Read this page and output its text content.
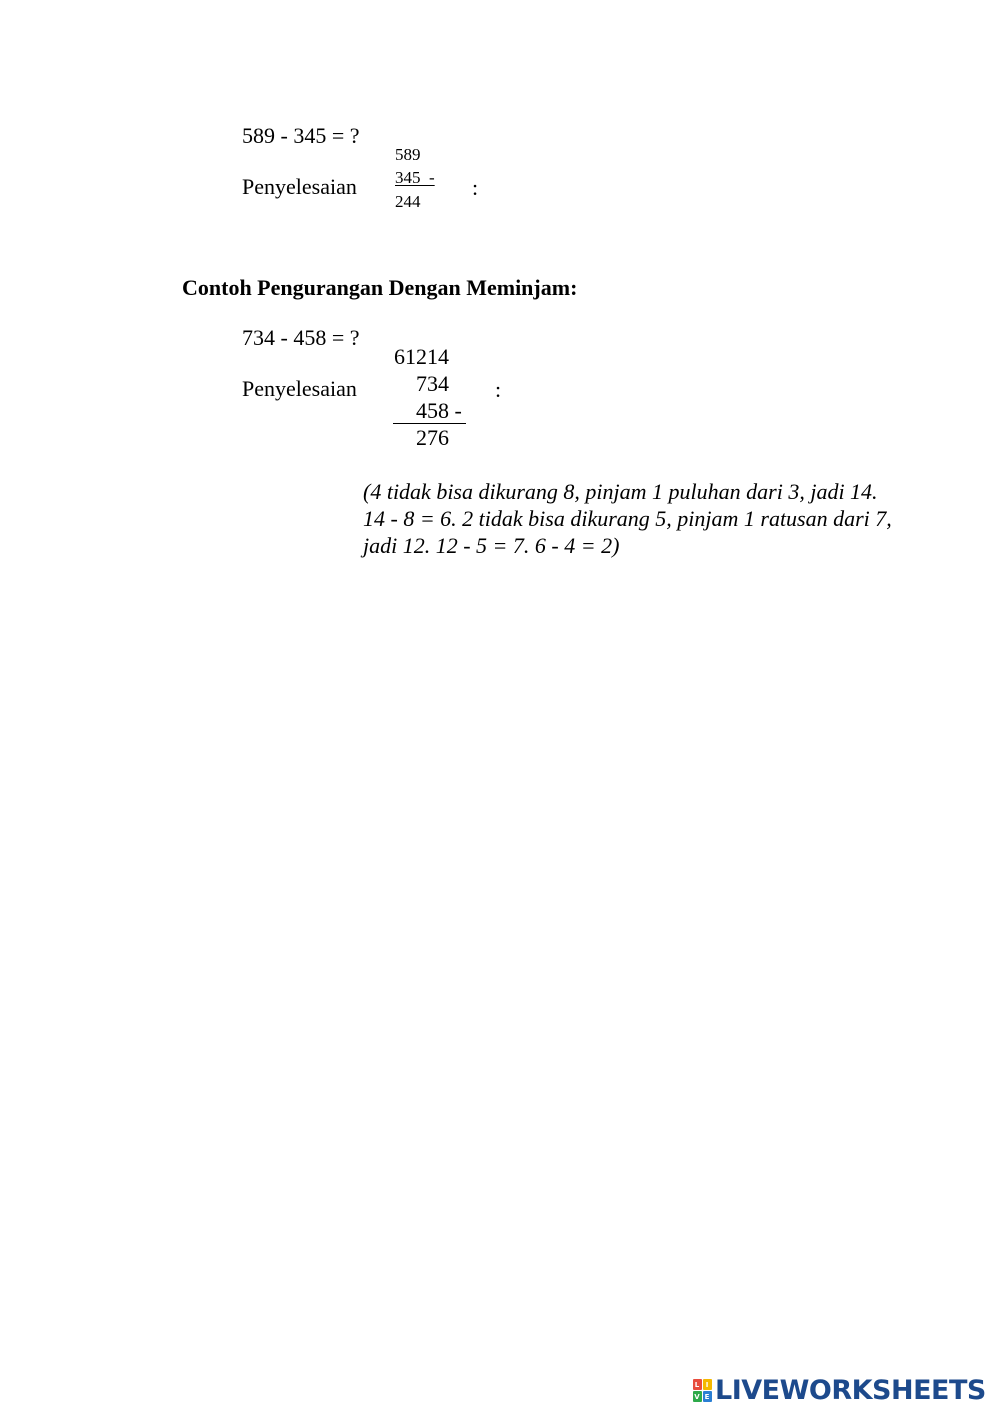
589 - 345 = ?
589
Penyelesaian 345  - :
244
Contoh Pengurangan Dengan Meminjam:
734 - 458 = ?
61214
Penyelesaian	734 :
458 -
276
(4 tidak bisa dikurang 8, pinjam 1 puluhan dari 3, jadi 14. 14 - 8 = 6. 2 tidak bisa dikurang 5, pinjam 1 ratusan dari 7, jadi 12. 12 - 5 = 7. 6 - 4 = 2)
L I
V E LIVEWORKSHEETS
